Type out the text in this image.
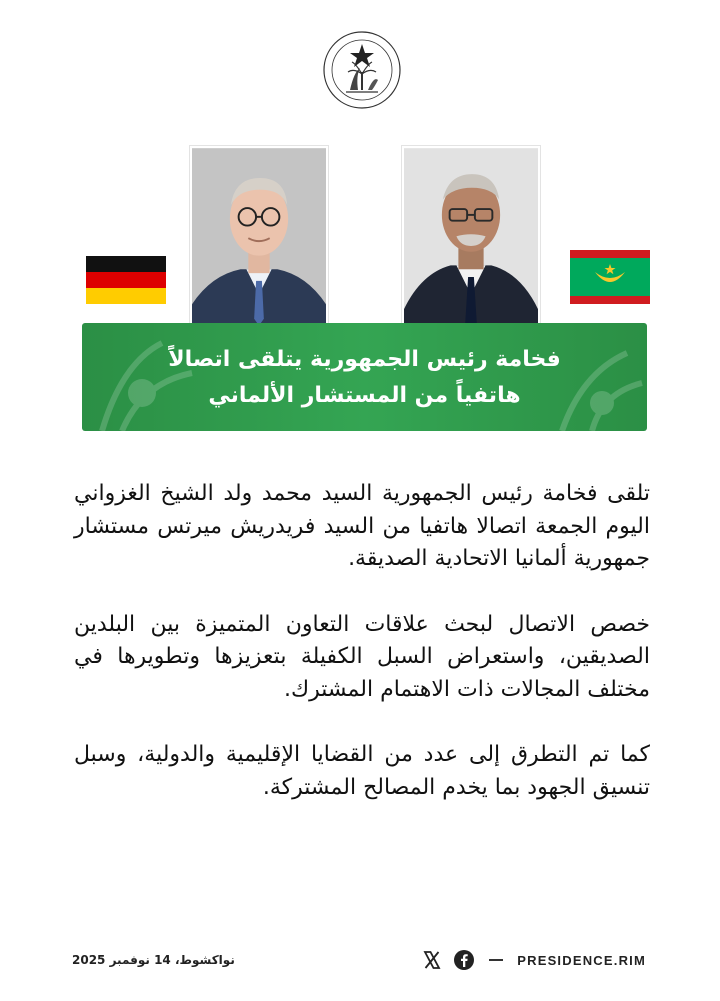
فخامة رئيس الجمهورية يتلقى اتصالاً
هاتفياً من المستشار الألماني

تلقى فخامة رئيس الجمهورية السيد محمد ولد الشيخ الغزواني اليوم الجمعة اتصالا هاتفيا من السيد فريدريش ميرتس مستشار جمهورية ألمانيا الاتحادية الصديقة.

خصص الاتصال لبحث علاقات التعاون المتميزة بين البلدين الصديقين، واستعراض السبل الكفيلة بتعزيزها وتطويرها في مختلف المجالات ذات الاهتمام المشترك.

كما تم التطرق إلى عدد من القضايا الإقليمية والدولية، وسبل تنسيق الجهود بما يخدم المصالح المشتركة.

نواكشوط، 14 نوفمبر 2025	PRESIDENCE.RIM
